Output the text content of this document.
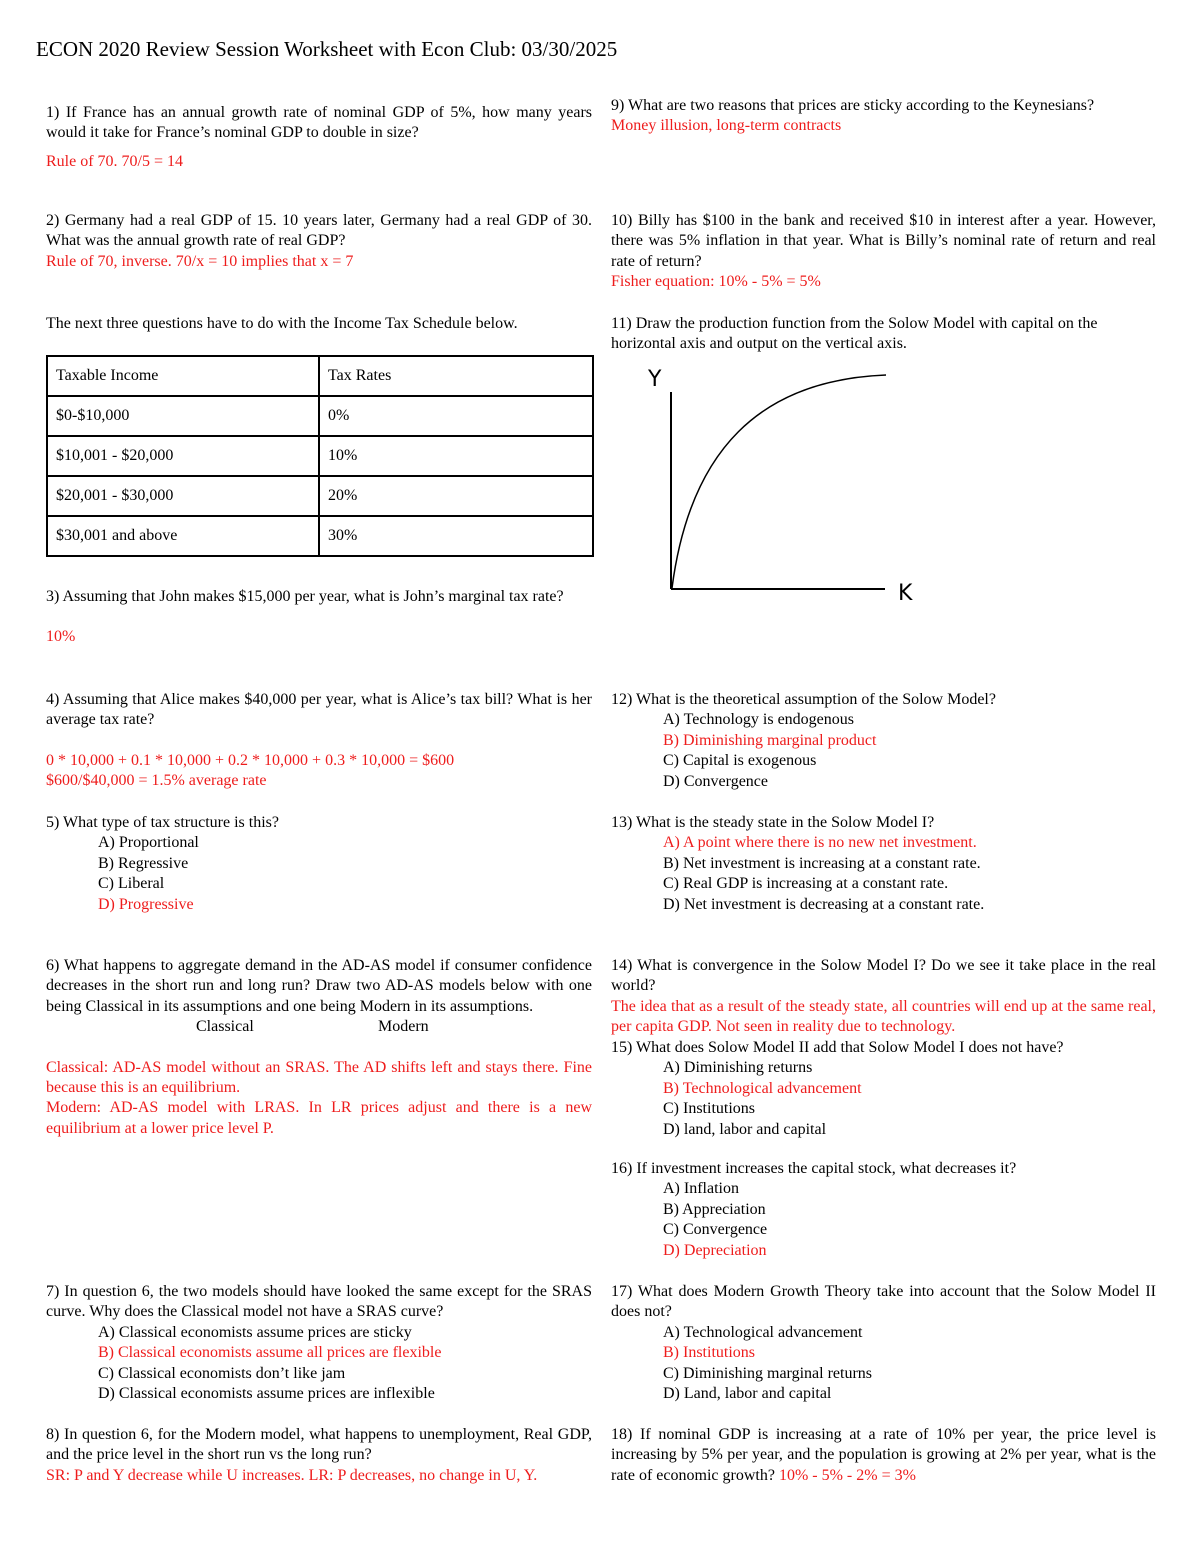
ECON 2020 Review Session Worksheet with Econ Club: 03/30/2025
1) If France has an annual growth rate of nominal GDP of 5%, how many years would it take for France’s nominal GDP to double in size?
Rule of 70. 70/5 = 14
2) Germany had a real GDP of 15. 10 years later, Germany had a real GDP of 30. What was the annual growth rate of real GDP?
Rule of 70, inverse. 70/x = 10 implies that x = 7
The next three questions have to do with the Income Tax Schedule below.
Taxable Income	Tax Rates
$0-$10,000	0%
$10,001 - $20,000	10%
$20,001 - $30,000	20%
$30,001 and above	30%
3) Assuming that John makes $15,000 per year, what is John’s marginal tax rate?
10%
4) Assuming that Alice makes $40,000 per year, what is Alice’s tax bill? What is her average tax rate?
0 * 10,000 + 0.1 * 10,000 + 0.2 * 10,000 + 0.3 * 10,000 = $600
$600/$40,000 = 1.5% average rate
5) What type of tax structure is this?
A) Proportional
B) Regressive
C) Liberal
D) Progressive
6) What happens to aggregate demand in the AD-AS model if consumer confidence decreases in the short run and long run? Draw two AD-AS models below with one being Classical in its assumptions and one being Modern in its assumptions.
Classical	Modern
Classical: AD-AS model without an SRAS. The AD shifts left and stays there. Fine because this is an equilibrium.
Modern: AD-AS model with LRAS. In LR prices adjust and there is a new equilibrium at a lower price level P.
7) In question 6, the two models should have looked the same except for the SRAS curve. Why does the Classical model not have a SRAS curve?
A) Classical economists assume prices are sticky
B) Classical economists assume all prices are flexible
C) Classical economists don’t like jam
D) Classical economists assume prices are inflexible
8) In question 6, for the Modern model, what happens to unemployment, Real GDP, and the price level in the short run vs the long run?
SR: P and Y decrease while U increases. LR: P decreases, no change in U, Y.
9) What are two reasons that prices are sticky according to the Keynesians?
Money illusion, long-term contracts
10) Billy has $100 in the bank and received $10 in interest after a year. However, there was 5% inflation in that year. What is Billy’s nominal rate of return and real rate of return?
Fisher equation: 10% - 5% = 5%
11) Draw the production function from the Solow Model with capital on the horizontal axis and output on the vertical axis.
Y
K
12) What is the theoretical assumption of the Solow Model?
A) Technology is endogenous
B) Diminishing marginal product
C) Capital is exogenous
D) Convergence
13) What is the steady state in the Solow Model I?
A) A point where there is no new net investment.
B) Net investment is increasing at a constant rate.
C) Real GDP is increasing at a constant rate.
D) Net investment is decreasing at a constant rate.
14) What is convergence in the Solow Model I? Do we see it take place in the real world?
The idea that as a result of the steady state, all countries will end up at the same real, per capita GDP. Not seen in reality due to technology.
15) What does Solow Model II add that Solow Model I does not have?
A) Diminishing returns
B) Technological advancement
C) Institutions
D) land, labor and capital
16) If investment increases the capital stock, what decreases it?
A) Inflation
B) Appreciation
C) Convergence
D) Depreciation
17) What does Modern Growth Theory take into account that the Solow Model II does not?
A) Technological advancement
B) Institutions
C) Diminishing marginal returns
D) Land, labor and capital
18) If nominal GDP is increasing at a rate of 10% per year, the price level is increasing by 5% per year, and the population is growing at 2% per year, what is the rate of economic growth? 10% - 5% - 2% = 3%
